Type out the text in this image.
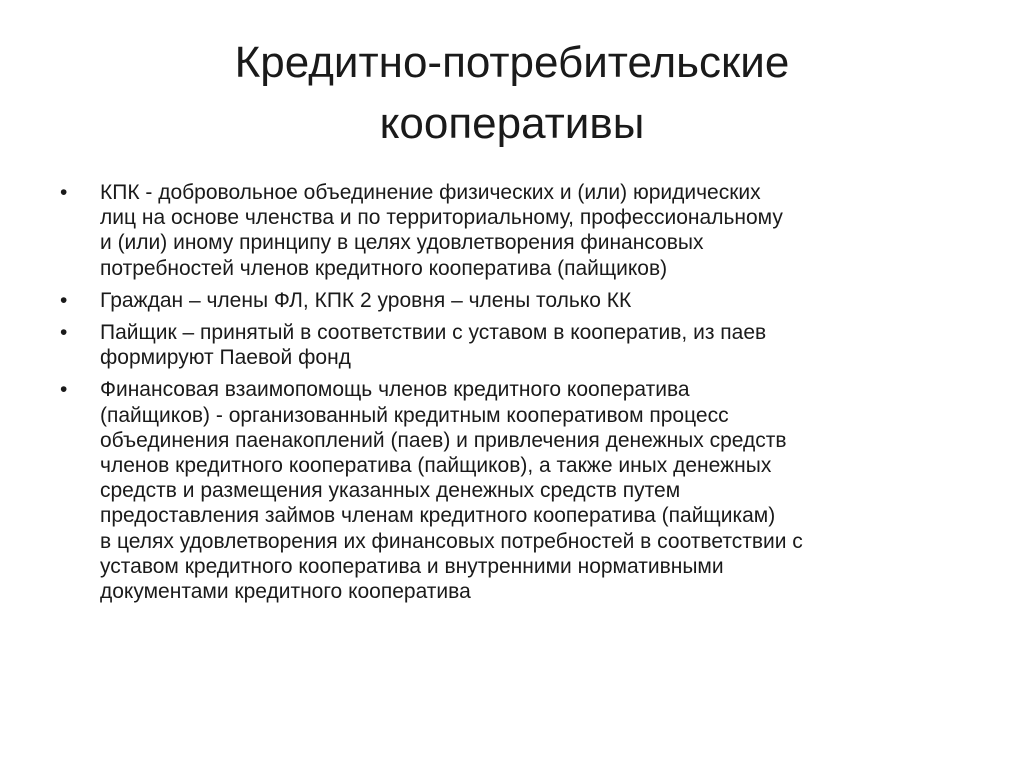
Кредитно-потребительские
кооперативы
• КПК - добровольное объединение физических и (или) юридических
лиц на основе членства и по территориальному, профессиональному
и (или) иному принципу в целях удовлетворения финансовых
потребностей членов кредитного кооператива (пайщиков)
• Граждан – члены ФЛ, КПК 2 уровня – члены только КК
• Пайщик – принятый в соответствии с уставом в кооператив, из паев
формируют Паевой фонд
• Финансовая взаимопомощь членов кредитного кооператива
(пайщиков) - организованный кредитным кооперативом процесс
объединения паенакоплений (паев) и привлечения денежных средств
членов кредитного кооператива (пайщиков), а также иных денежных
средств и размещения указанных денежных средств путем
предоставления займов членам кредитного кооператива (пайщикам)
в целях удовлетворения их финансовых потребностей в соответствии с
уставом кредитного кооператива и внутренними нормативными
документами кредитного кооператива
